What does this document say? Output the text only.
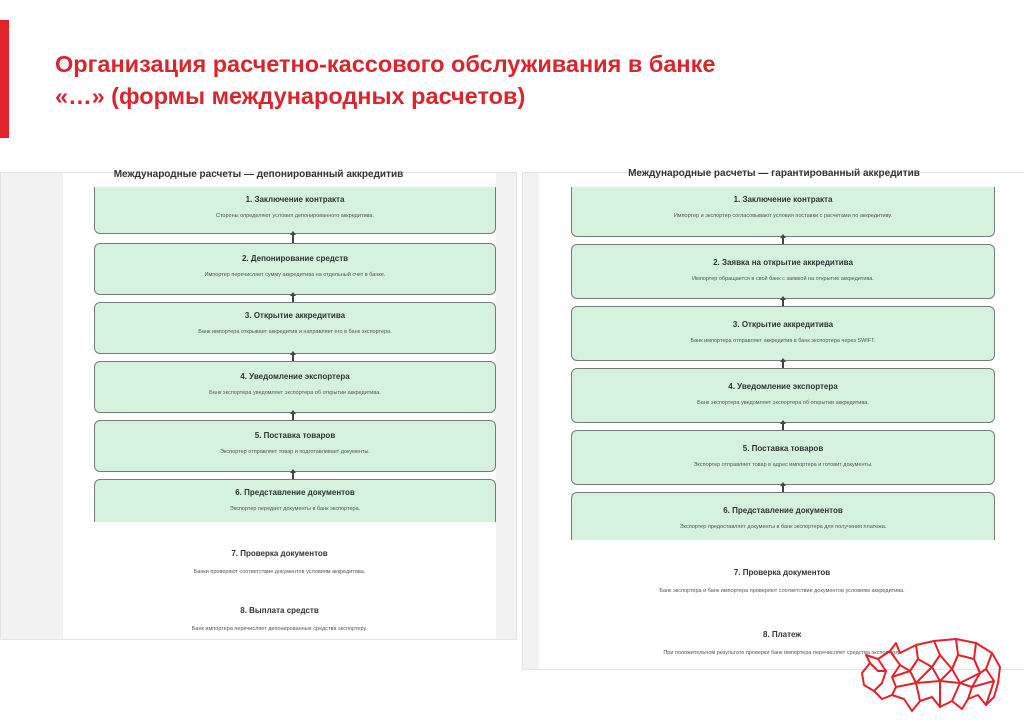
Организация расчетно-кассового обслуживания в банке
«…» (формы международных расчетов)
Международные расчеты — депонированный аккредитив
1. Заключение контракта
Стороны определяют условия депонированного аккредитива.
2. Депонирование средств
Импортер перечисляет сумму аккредитива на отдельный счет в банке.
3. Открытие аккредитива
Банк импортера открывает аккредитив и направляет его в банк экспортера.
4. Уведомление экспортера
Банк экспортера уведомляет экспортера об открытии аккредитива.
5. Поставка товаров
Экспортер отправляет товар и подготавливает документы.
6. Представление документов
Экспортер передает документы в банк экспортера.
7. Проверка документов
Банки проверяют соответствие документов условиям аккредитива.
8. Выплата средств
Банк импортера перечисляет депонированные средства экспортеру.
Международные расчеты — гарантированный аккредитив
1. Заключение контракта
Импортер и экспортер согласовывают условия поставки с расчетами по аккредитиву.
2. Заявка на открытие аккредитива
Импортер обращается в свой банк с заявкой на открытие аккредитива.
3. Открытие аккредитива
Банк импортера отправляет аккредитив в банк экспортера через SWIFT.
4. Уведомление экспортера
Банк экспортера уведомляет экспортера об открытии аккредитива.
5. Поставка товаров
Экспортер отправляет товар в адрес импортера и готовит документы.
6. Представление документов
Экспортер предоставляет документы в банк экспортера для получения платежа.
7. Проверка документов
Банк экспортера и банк импортера проверяют соответствие документов условиям аккредитива.
8. Платеж
При положительном результате проверки банк импортера перечисляет средства экспортеру.
